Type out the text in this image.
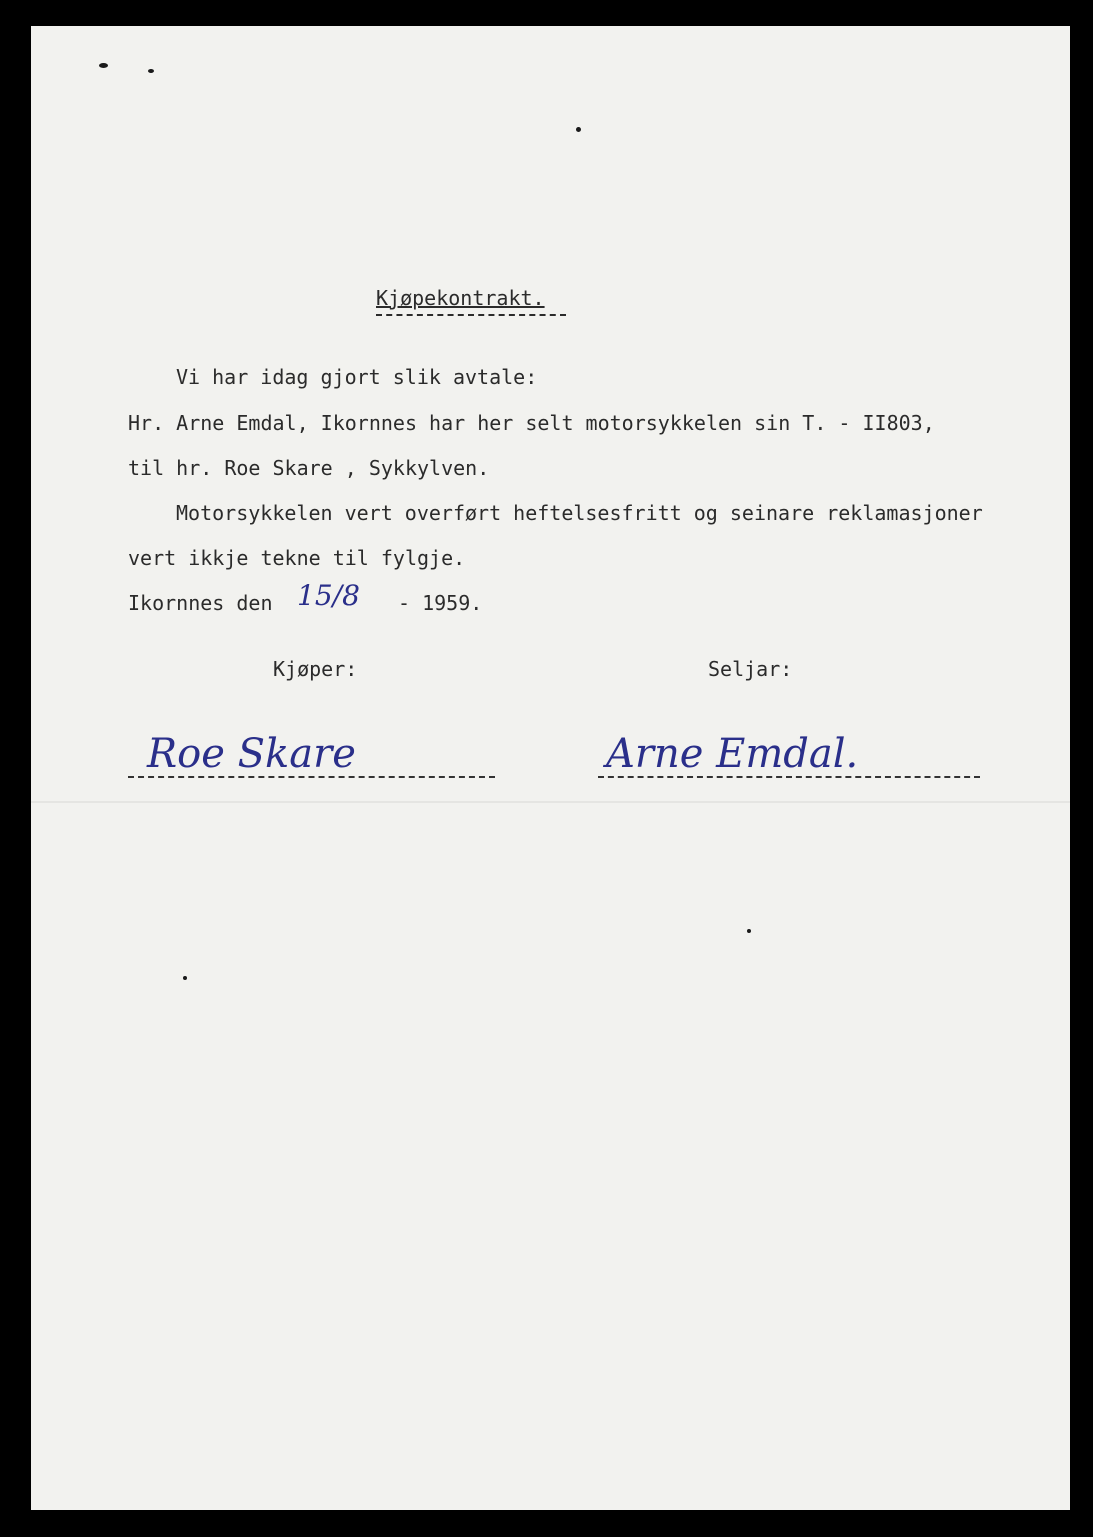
Kjøpekontrakt.
Vi har idag gjort slik avtale:
Hr. Arne Emdal, Ikornnes har her selt motorsykkelen sin T. - II803,
til hr. Roe Skare , Sykkylven.
Motorsykkelen vert overført heftelsesfritt og seinare reklamasjoner
vert ikkje tekne til fylgje.
Ikornnes den 15/8 - 1959.
Kjøper:	Seljar:
Roe Skare	Arne Emdal.
